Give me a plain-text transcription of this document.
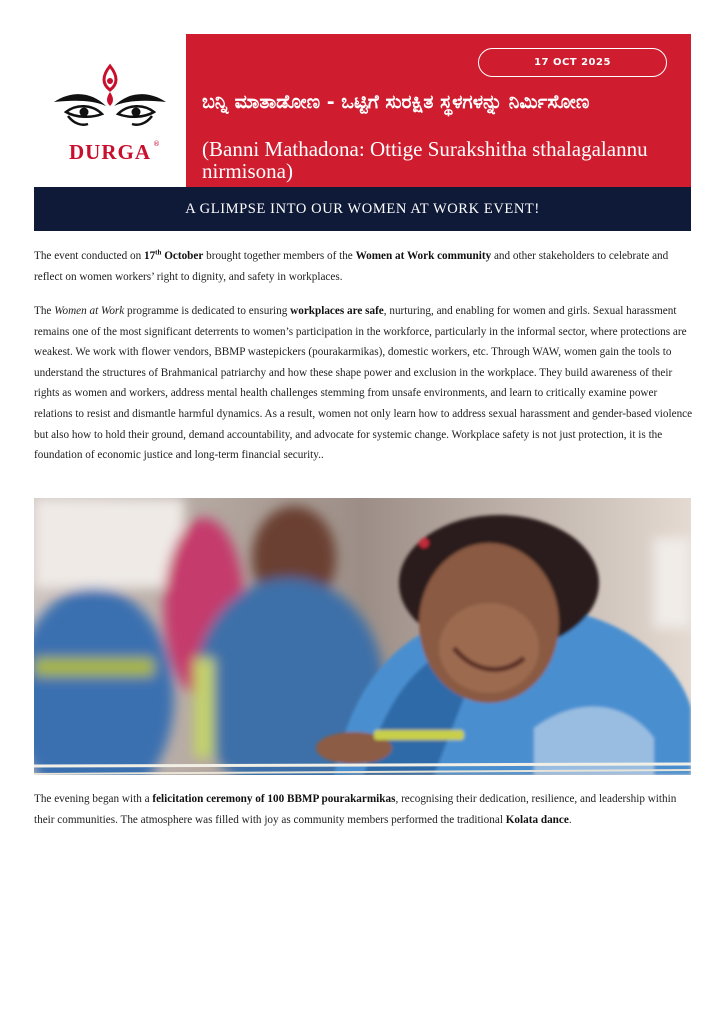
DURGA ®
17 OCT 2025
ಬನ್ನಿ ಮಾತಾಡೋಣ - ಒಟ್ಟಿಗೆ ಸುರಕ್ಷಿತ ಸ್ಥಳಗಳನ್ನು ನಿರ್ಮಿಸೋಣ
(Banni Mathadona: Ottige Surakshitha sthalagalannu nirmisona)
A GLIMPSE INTO OUR WOMEN AT WORK EVENT!

The event conducted on 17th October brought together members of the Women at Work community and other stakeholders to celebrate and reflect on women workers’ right to dignity, and safety in workplaces.

The Women at Work programme is dedicated to ensuring workplaces are safe, nurturing, and enabling for women and girls. Sexual harassment remains one of the most significant deterrents to women’s participation in the workforce, particularly in the informal sector, where protections are weakest. We work with flower vendors, BBMP wastepickers (pourakarmikas), domestic workers, etc. Through WAW, women gain the tools to understand the structures of Brahmanical patriarchy and how these shape power and exclusion in the workplace. They build awareness of their rights as women and workers, address mental health challenges stemming from unsafe environments, and learn to critically examine power relations to resist and dismantle harmful dynamics. As a result, women not only learn how to address sexual harassment and gender-based violence but also how to hold their ground, demand accountability, and advocate for systemic change. Workplace safety is not just protection, it is the foundation of economic justice and long-term financial security..

The evening began with a felicitation ceremony of 100 BBMP pourakarmikas, recognising their dedication, resilience, and leadership within their communities. The atmosphere was filled with joy as community members performed the traditional Kolata dance.
